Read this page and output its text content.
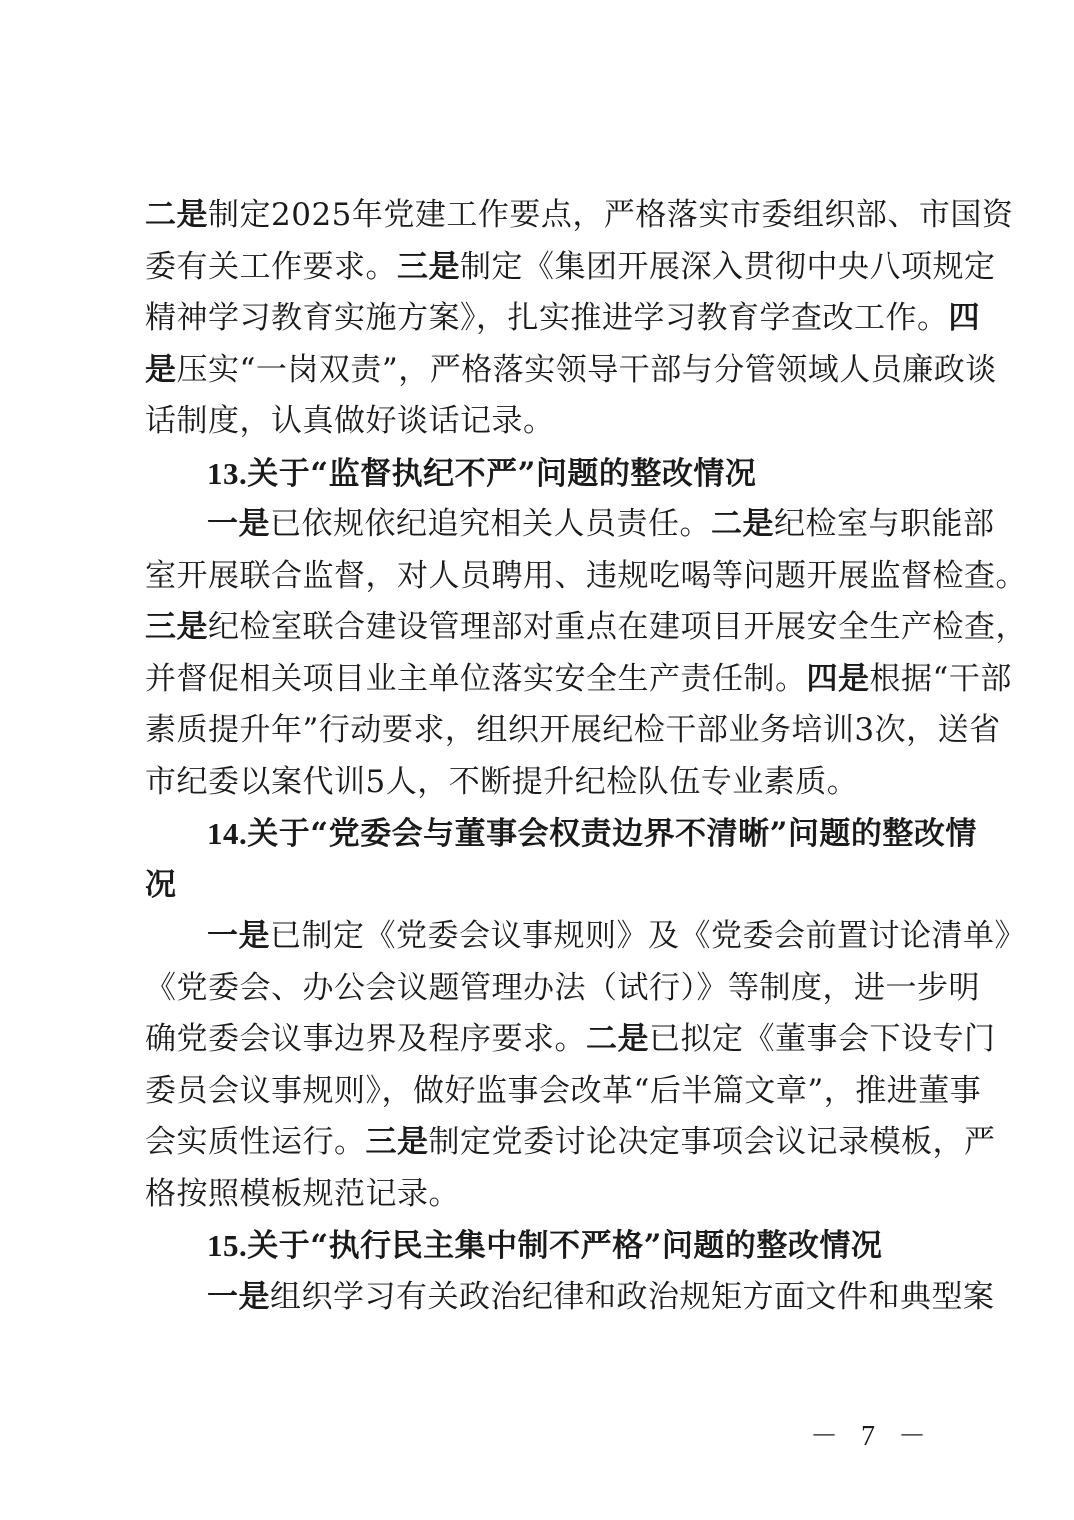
二是制定2025年党建工作要点，严格落实市委组织部、市国资
委有关工作要求。三是制定《集团开展深入贯彻中央八项规定
精神学习教育实施方案》，扎实推进学习教育学查改工作。四
是压实“一岗双责”，严格落实领导干部与分管领域人员廉政谈
话制度，认真做好谈话记录。
13.关于“监督执纪不严”问题的整改情况
一是已依规依纪追究相关人员责任。二是纪检室与职能部
室开展联合监督，对人员聘用、违规吃喝等问题开展监督检查。
三是纪检室联合建设管理部对重点在建项目开展安全生产检查，
并督促相关项目业主单位落实安全生产责任制。四是根据“干部
素质提升年”行动要求，组织开展纪检干部业务培训3次，送省
市纪委以案代训5人，不断提升纪检队伍专业素质。
14.关于“党委会与董事会权责边界不清晰”问题的整改情
况
一是已制定《党委会议事规则》及《党委会前置讨论清单》
《党委会、办公会议题管理办法（试行）》等制度，进一步明
确党委会议事边界及程序要求。二是已拟定《董事会下设专门
委员会议事规则》，做好监事会改革“后半篇文章”，推进董事
会实质性运行。三是制定党委讨论决定事项会议记录模板，严
格按照模板规范记录。
15.关于“执行民主集中制不严格”问题的整改情况
一是组织学习有关政治纪律和政治规矩方面文件和典型案
－ 7 －
